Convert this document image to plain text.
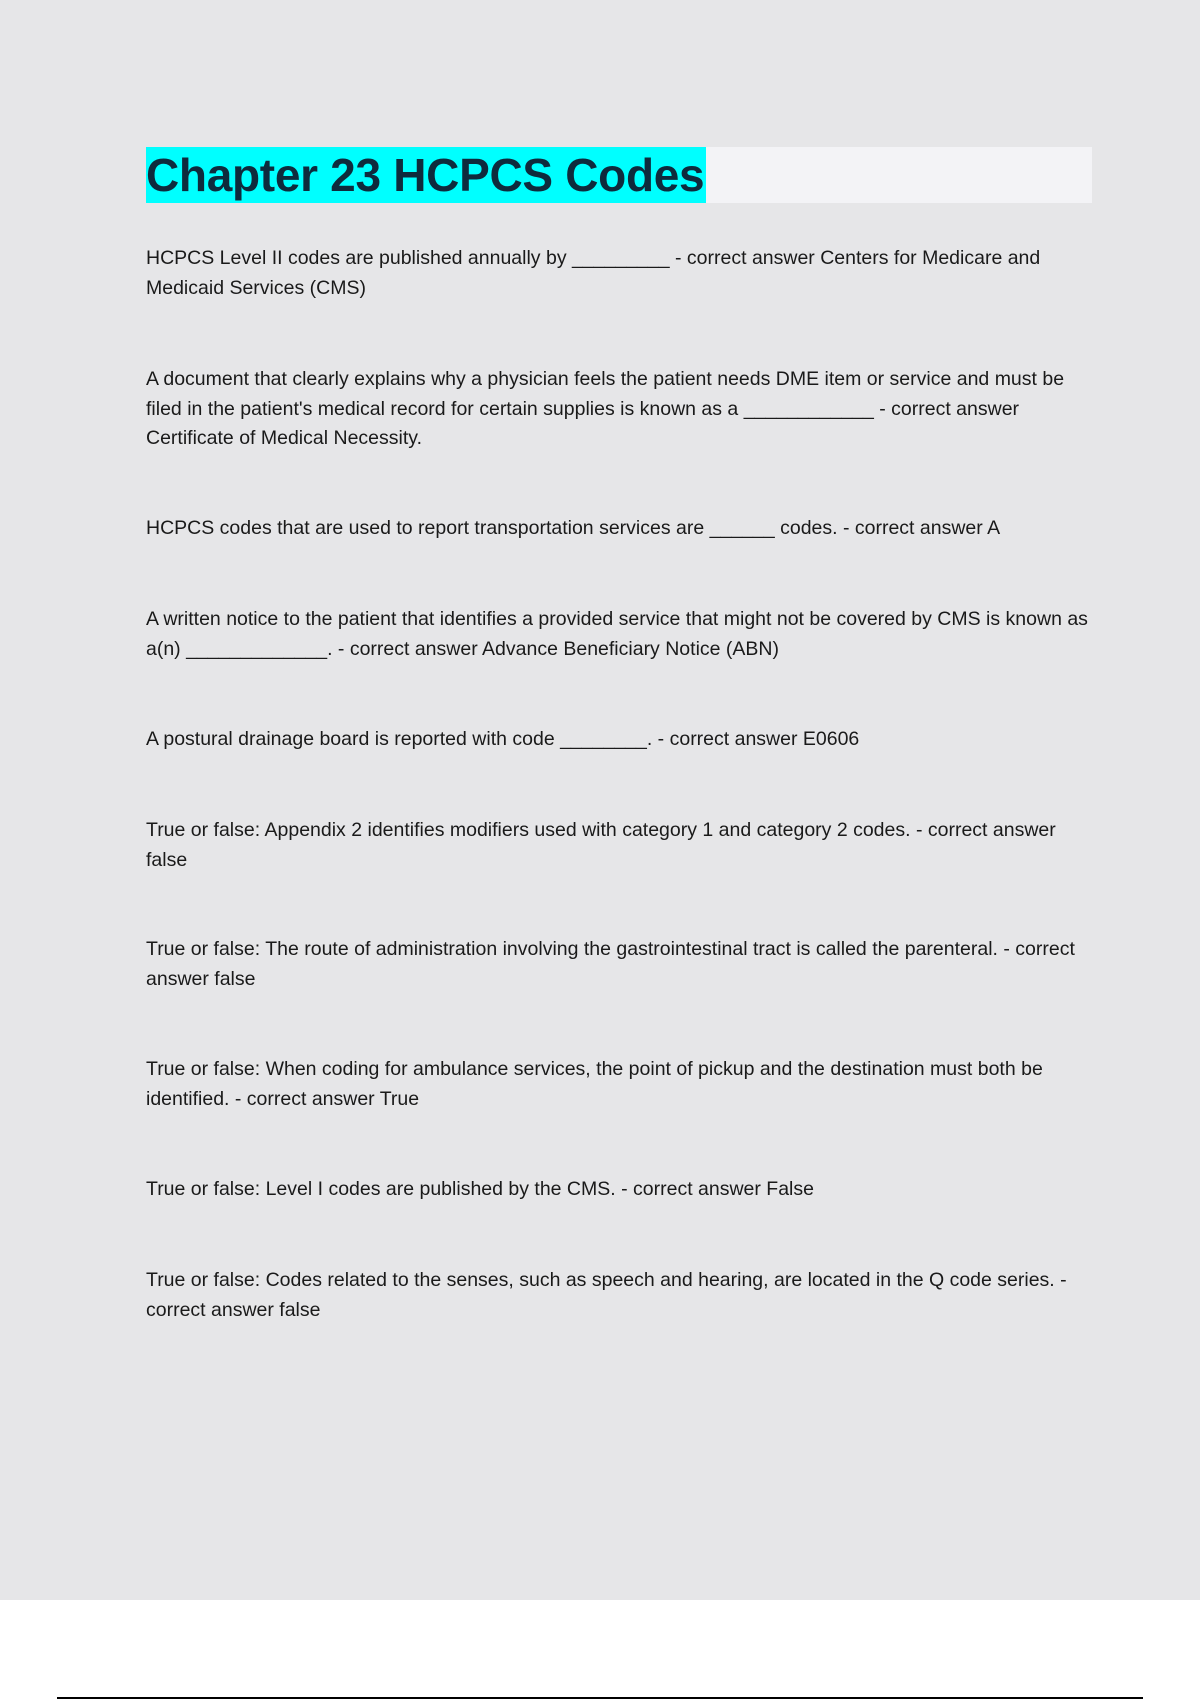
Chapter 23 HCPCS Codes

HCPCS Level II codes are published annually by _________ - correct answer Centers for Medicare and Medicaid Services (CMS)

A document that clearly explains why a physician feels the patient needs DME item or service and must be filed in the patient's medical record for certain supplies is known as a ____________ - correct answer Certificate of Medical Necessity.

HCPCS codes that are used to report transportation services are ______ codes. - correct answer A

A written notice to the patient that identifies a provided service that might not be covered by CMS is known as a(n) _____________. - correct answer Advance Beneficiary Notice (ABN)

A postural drainage board is reported with code ________. - correct answer E0606

True or false: Appendix 2 identifies modifiers used with category 1 and category 2 codes. - correct answer false

True or false: The route of administration involving the gastrointestinal tract is called the parenteral. - correct answer false

True or false: When coding for ambulance services, the point of pickup and the destination must both be identified. - correct answer True

True or false: Level I codes are published by the CMS. - correct answer False

True or false: Codes related to the senses, such as speech and hearing, are located in the Q code series. - correct answer false
